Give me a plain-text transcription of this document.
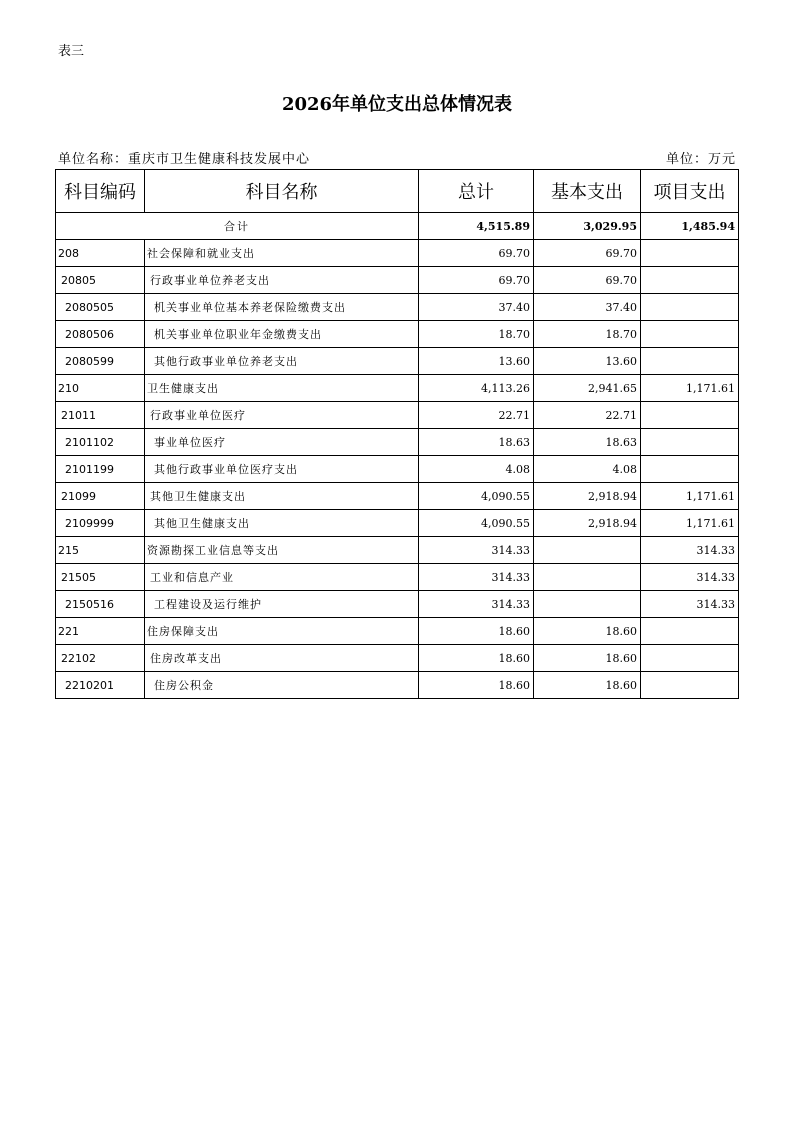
表三
2026年单位支出总体情况表
单位名称：重庆市卫生健康科技发展中心	单位：万元
科目编码	科目名称	总计	基本支出	项目支出
合计		4,515.89	3,029.95	1,485.94
208	社会保障和就业支出	69.70	69.70	
20805	行政事业单位养老支出	69.70	69.70	
2080505	机关事业单位基本养老保险缴费支出	37.40	37.40	
2080506	机关事业单位职业年金缴费支出	18.70	18.70	
2080599	其他行政事业单位养老支出	13.60	13.60	
210	卫生健康支出	4,113.26	2,941.65	1,171.61
21011	行政事业单位医疗	22.71	22.71	
2101102	事业单位医疗	18.63	18.63	
2101199	其他行政事业单位医疗支出	4.08	4.08	
21099	其他卫生健康支出	4,090.55	2,918.94	1,171.61
2109999	其他卫生健康支出	4,090.55	2,918.94	1,171.61
215	资源勘探工业信息等支出	314.33		314.33
21505	工业和信息产业	314.33		314.33
2150516	工程建设及运行维护	314.33		314.33
221	住房保障支出	18.60	18.60	
22102	住房改革支出	18.60	18.60	
2210201	住房公积金	18.60	18.60	
